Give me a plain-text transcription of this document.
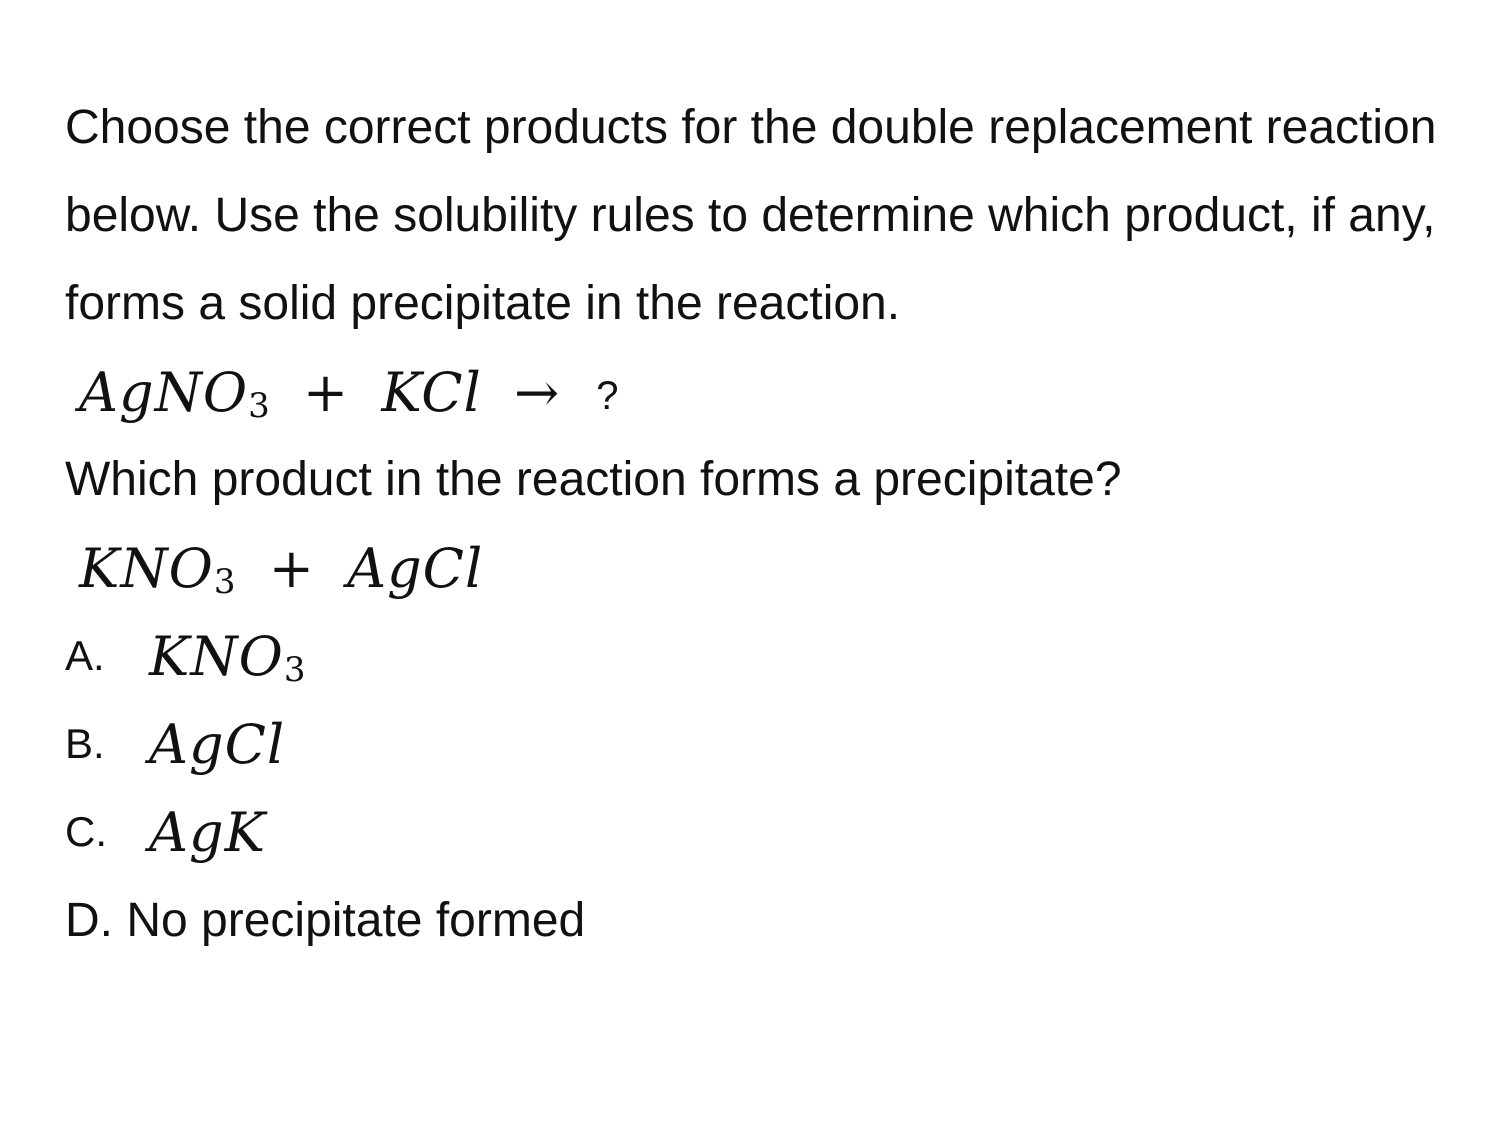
Choose the correct products for the double replacement reaction below. Use the solubility rules to determine which product, if any, forms a solid precipitate in the reaction.

AgNO$_3$ + KCl → ?

Which product in the reaction forms a precipitate?

$KNO_3$ + AgCl
A. $KNO_3$
B. AgCl
C. AgK
D. No precipitate formed
